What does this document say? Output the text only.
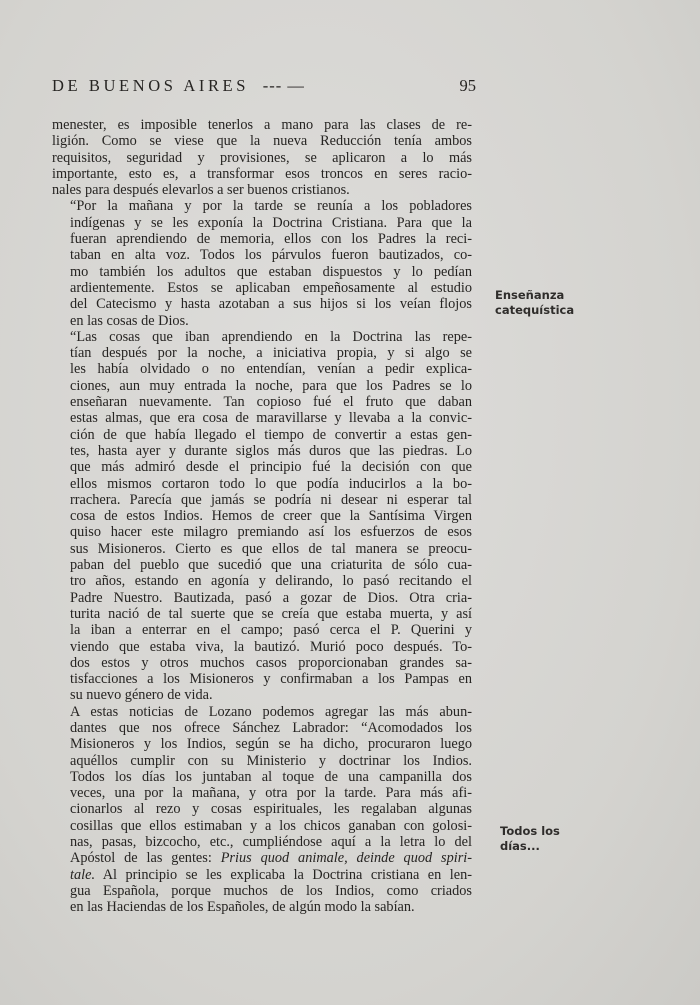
DE BUENOS AIRES --- —	95

menester, es imposible tenerlos a mano para las clases de re-
ligión. Como se viese que la nueva Reducción tenía ambos
requisitos, seguridad y provisiones, se aplicaron a lo más
importante, esto es, a transformar esos troncos en seres racio-
nales para después elevarlos a ser buenos cristianos.

“Por la mañana y por la tarde se reunía a los pobladores
indígenas y se les exponía la Doctrina Cristiana. Para que la
fueran aprendiendo de memoria, ellos con los Padres la reci-
taban en alta voz. Todos los párvulos fueron bautizados, co-
mo también los adultos que estaban dispuestos y lo pedían
ardientemente. Estos se aplicaban empeñosamente al estudio
del Catecismo y hasta azotaban a sus hijos si los veían flojos
en las cosas de Dios.

“Las cosas que iban aprendiendo en la Doctrina las repe-
tían después por la noche, a iniciativa propia, y si algo se
les había olvidado o no entendían, venían a pedir explica-
ciones, aun muy entrada la noche, para que los Padres se lo
enseñaran nuevamente. Tan copioso fué el fruto que daban
estas almas, que era cosa de maravillarse y llevaba a la convic-
ción de que había llegado el tiempo de convertir a estas gen-
tes, hasta ayer y durante siglos más duros que las piedras. Lo
que más admiró desde el principio fué la decisión con que
ellos mismos cortaron todo lo que podía inducirlos a la bo-
rrachera. Parecía que jamás se podría ni desear ni esperar tal
cosa de estos Indios. Hemos de creer que la Santísima Virgen
quiso hacer este milagro premiando así los esfuerzos de esos
sus Misioneros. Cierto es que ellos de tal manera se preocu-
paban del pueblo que sucedió que una criaturita de sólo cua-
tro años, estando en agonía y delirando, lo pasó recitando el
Padre Nuestro. Bautizada, pasó a gozar de Dios. Otra cria-
turita nació de tal suerte que se creía que estaba muerta, y así
la iban a enterrar en el campo; pasó cerca el P. Querini y
viendo que estaba viva, la bautizó. Murió poco después. To-
dos estos y otros muchos casos proporcionaban grandes sa-
tisfacciones a los Misioneros y confirmaban a los Pampas en
su nuevo género de vida.

A estas noticias de Lozano podemos agregar las más abun-
dantes que nos ofrece Sánchez Labrador: “Acomodados los
Misioneros y los Indios, según se ha dicho, procuraron luego
aquéllos cumplir con su Ministerio y doctrinar los Indios.
Todos los días los juntaban al toque de una campanilla dos
veces, una por la mañana, y otra por la tarde. Para más afi-
cionarlos al rezo y cosas espirituales, les regalaban algunas
cosillas que ellos estimaban y a los chicos ganaban con golosi-
nas, pasas, bizcocho, etc., cumpliéndose aquí a la letra lo del
Apóstol de las gentes: Prius quod animale, deinde quod spiri-
tale. Al principio se les explicaba la Doctrina cristiana en len-
gua Española, porque muchos de los Indios, como criados
en las Haciendas de los Españoles, de algún modo la sabían.

Enseñanza
catequística
Todos los
días...
